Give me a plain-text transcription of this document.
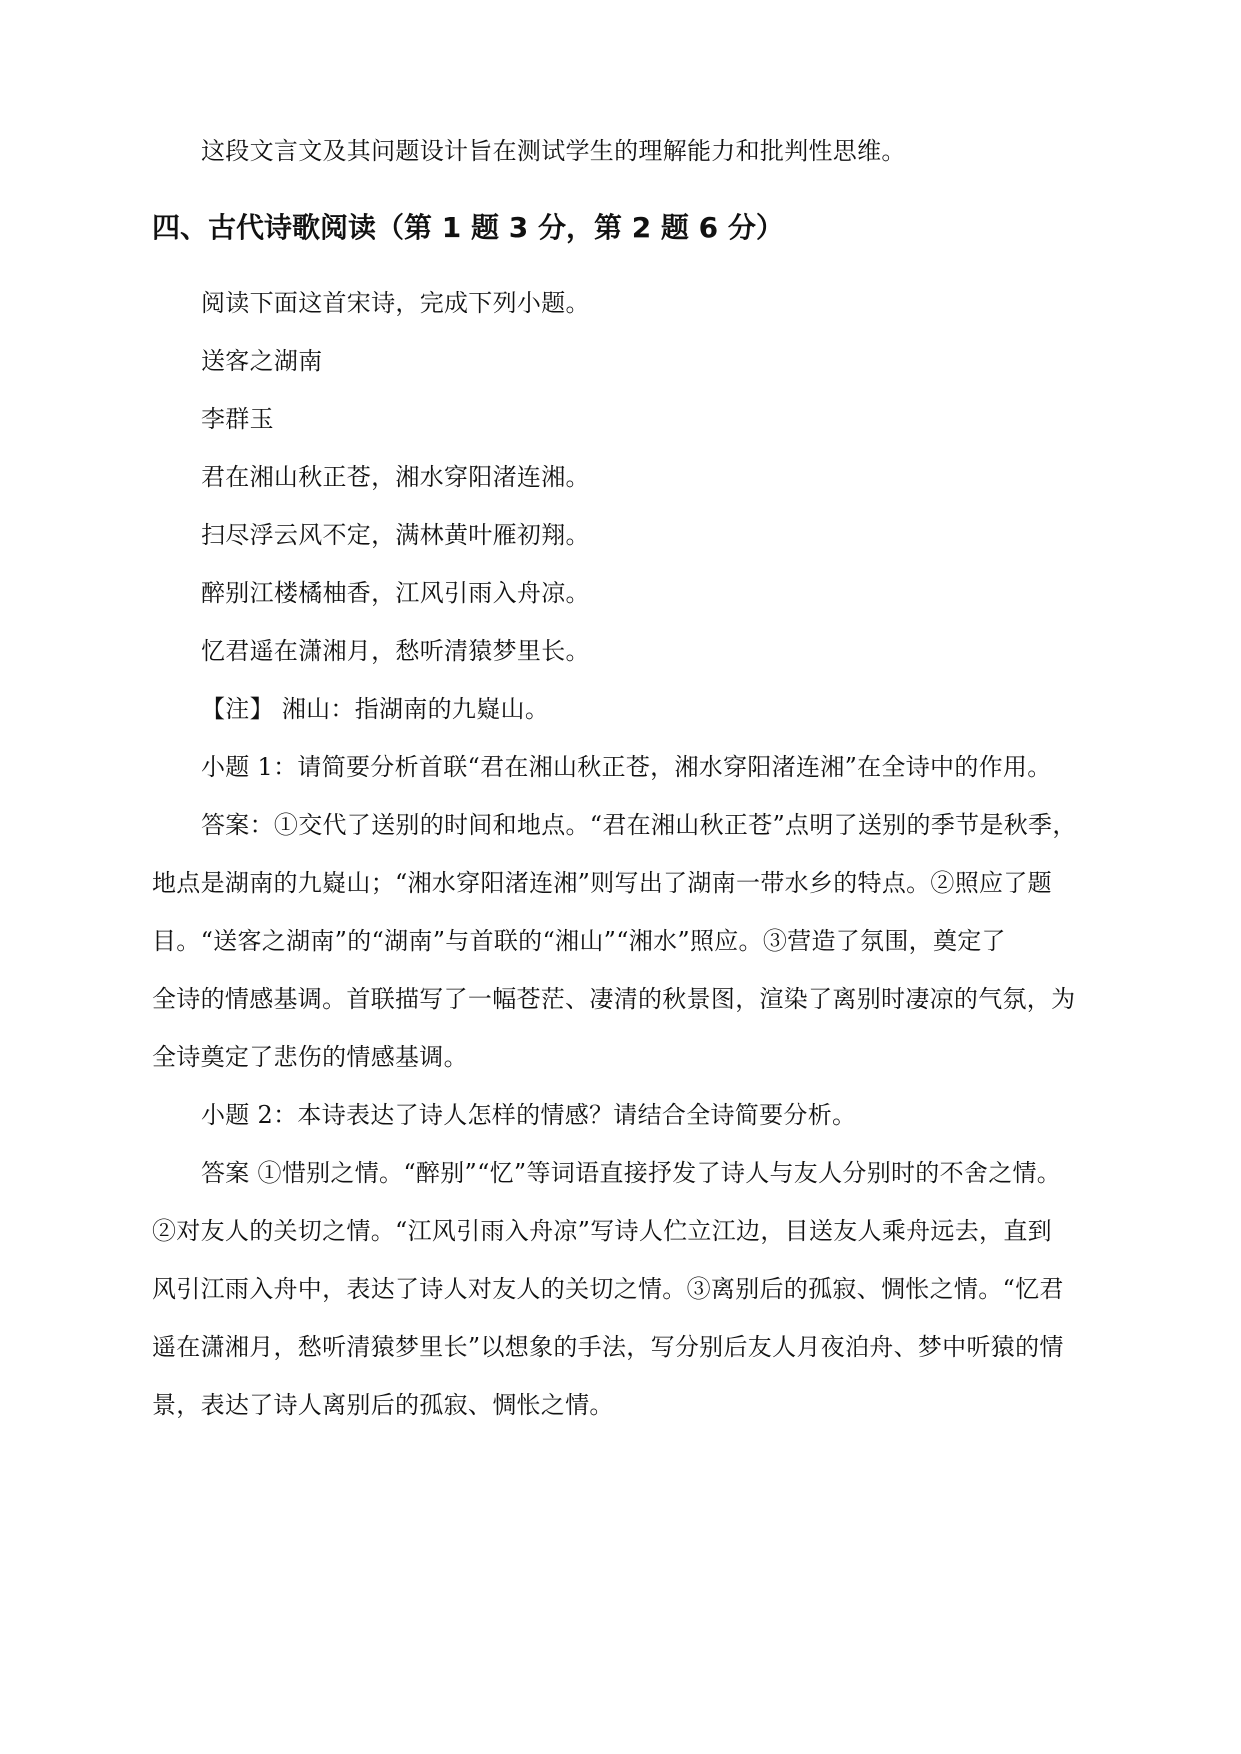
这段文言文及其问题设计旨在测试学生的理解能力和批判性思维。
四、古代诗歌阅读（第 1 题 3 分，第 2 题 6 分）
阅读下面这首宋诗，完成下列小题。
送客之湖南
李群玉
君在湘山秋正苍，湘水穿阳渚连湘。
扫尽浮云风不定，满林黄叶雁初翔。
醉别江楼橘柚香，江风引雨入舟凉。
忆君遥在潇湘月，愁听清猿梦里长。
【注】 湘山：指湖南的九嶷山。
小题 1：请简要分析首联“君在湘山秋正苍，湘水穿阳渚连湘”在全诗中的作用。
答案：①交代了送别的时间和地点。“君在湘山秋正苍”点明了送别的季节是秋季，
地点是湖南的九嶷山；“湘水穿阳渚连湘”则写出了湖南一带水乡的特点。②照应了题
目。“送客之湖南”的“湖南”与首联的“湘山”“湘水”照应。③营造了氛围，奠定了
全诗的情感基调。首联描写了一幅苍茫、凄清的秋景图，渲染了离别时凄凉的气氛，为
全诗奠定了悲伤的情感基调。
小题 2：本诗表达了诗人怎样的情感？请结合全诗简要分析。
答案 ①惜别之情。“醉别”“忆”等词语直接抒发了诗人与友人分别时的不舍之情。
②对友人的关切之情。“江风引雨入舟凉”写诗人伫立江边，目送友人乘舟远去，直到
风引江雨入舟中，表达了诗人对友人的关切之情。③离别后的孤寂、惆怅之情。“忆君
遥在潇湘月，愁听清猿梦里长”以想象的手法，写分别后友人月夜泊舟、梦中听猿的情
景，表达了诗人离别后的孤寂、惆怅之情。
